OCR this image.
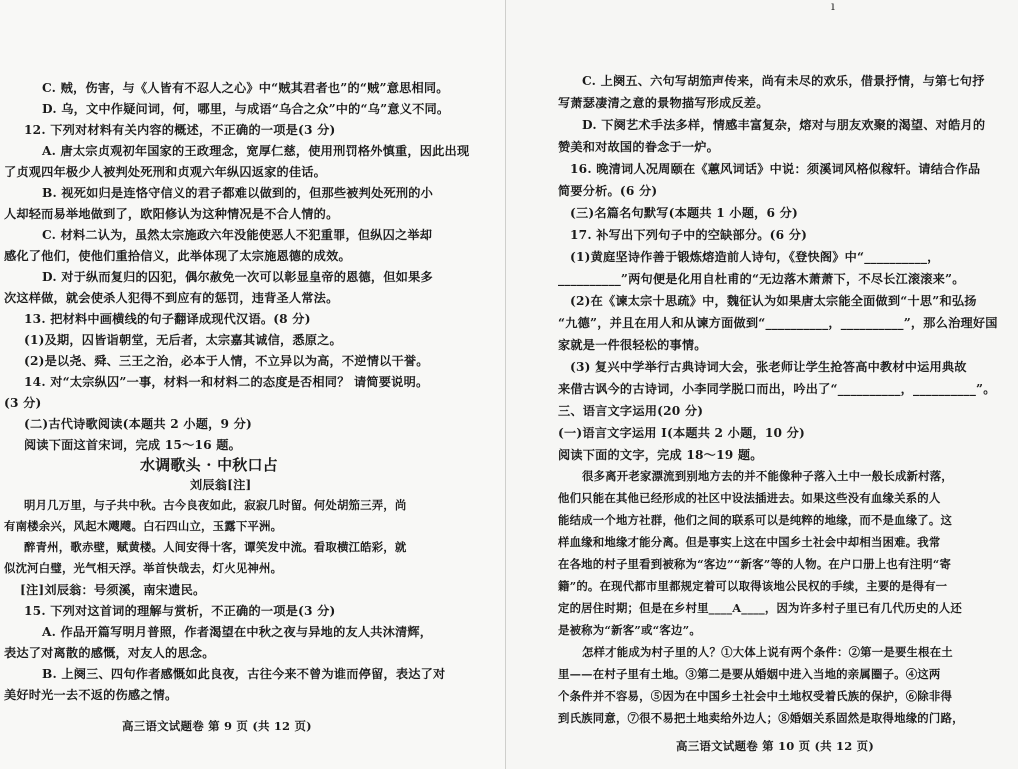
C. 贼，伤害，与《人皆有不忍人之心》中“贼其君者也”的“贼”意思相同。
D. 乌，文中作疑问词，何，哪里，与成语“乌合之众”中的“乌”意义不同。
12. 下列对材料有关内容的概述，不正确的一项是(3 分)
A. 唐太宗贞观初年国家的王政理念，宽厚仁慈，使用刑罚格外慎重，因此出现
了贞观四年极少人被判处死刑和贞观六年纵囚返家的佳话。
B. 视死如归是连恪守信义的君子都难以做到的，但那些被判处死刑的小
人却轻而易举地做到了，欧阳修认为这种情况是不合人情的。
C. 材料二认为，虽然太宗施政六年没能使恶人不犯重罪，但纵囚之举却
感化了他们，使他们重拾信义，此举体现了太宗施恩德的成效。
D. 对于纵而复归的囚犯，偶尔赦免一次可以彰显皇帝的恩德，但如果多
次这样做，就会使杀人犯得不到应有的惩罚，违背圣人常法。
13. 把材料中画横线的句子翻译成现代汉语。(8 分)
(1)及期，囚皆诣朝堂，无后者，太宗嘉其诚信，悉原之。
(2)是以尧、舜、三王之治，必本于人情，不立异以为高，不逆情以干誉。
14. 对“太宗纵囚”一事，材料一和材料二的态度是否相同？ 请简要说明。
(3 分)
(二)古代诗歌阅读(本题共 2 小题，9 分)
阅读下面这首宋词，完成 15～16 题。
水调歌头 · 中秋口占
刘辰翁[注]
明月几万里，与子共中秋。古今良夜如此，寂寂几时留。何处胡笳三弄，尚
有南楼余兴，风起木飕飕。白石四山立，玉露下平洲。
醉青州，歌赤壁，赋黄楼。人间安得十客，谭笑发中流。看取横江皓彩，就
似沈河白璧，光气相天浮。举首快哉去，灯火见神州。
[注]刘辰翁：号须溪，南宋遗民。
15. 下列对这首词的理解与赏析，不正确的一项是(3 分)
A. 作品开篇写明月普照，作者渴望在中秋之夜与异地的友人共沐清辉，
表达了对离散的感慨，对友人的思念。
B. 上阕三、四句作者感慨如此良夜，古往今来不曾为谁而停留，表达了对
美好时光一去不返的伤感之情。
高三语文试题卷 第 9 页 (共 12 页)
ı
C. 上阕五、六句写胡笳声传来，尚有未尽的欢乐，借景抒情，与第七句抒
写萧瑟凄清之意的景物描写形成反差。
D. 下阕艺术手法多样，情感丰富复杂，熔对与朋友欢聚的渴望、对皓月的
赞美和对故国的眷念于一炉。
16. 晚清词人况周颐在《蕙风词话》中说：须溪词风格似稼轩。请结合作品
简要分析。(6 分)
(三)名篇名句默写(本题共 1 小题，6 分)
17. 补写出下列句子中的空缺部分。(6 分)
(1)黄庭坚诗作善于锻炼熔造前人诗句，《登快阁》中“__________，
__________”两句便是化用自杜甫的“无边落木萧萧下，不尽长江滚滚来”。
(2)在《谏太宗十思疏》中，魏征认为如果唐太宗能全面做到“十思”和弘扬
“九德”，并且在用人和从谏方面做到“__________，__________”，那么治理好国
家就是一件很轻松的事情。
(3) 复兴中学举行古典诗词大会，张老师让学生抢答高中教材中运用典故
来借古讽今的古诗词，小李同学脱口而出，吟出了“__________，__________”。
三、语言文字运用(20 分)
(一)语言文字运用 Ⅰ(本题共 2 小题，10 分)
阅读下面的文字，完成 18～19 题。
很多离开老家漂流到别地方去的并不能像种子落入土中一般长成新村落，
他们只能在其他已经形成的社区中设法插进去。如果这些没有血缘关系的人
能结成一个地方社群，他们之间的联系可以是纯粹的地缘，而不是血缘了。这
样血缘和地缘才能分离。但是事实上这在中国乡土社会中却相当困难。我常
在各地的村子里看到被称为“客边”“新客”等的人物。在户口册上也有注明“寄
籍”的。在现代都市里都规定着可以取得该地公民权的手续，主要的是得有一
定的居住时期；但是在乡村里____A____，因为许多村子里已有几代历史的人还
是被称为“新客”或“客边”。
怎样才能成为村子里的人？①大体上说有两个条件：②第一是要生根在土
里——在村子里有土地。③第二是要从婚姻中进入当地的亲属圈子。④这两
个条件并不容易，⑤因为在中国乡土社会中土地权受着氏族的保护，⑥除非得
到氏族同意，⑦很不易把土地卖给外边人；⑧婚姻关系固然是取得地缘的门路，
高三语文试题卷 第 10 页 (共 12 页)
